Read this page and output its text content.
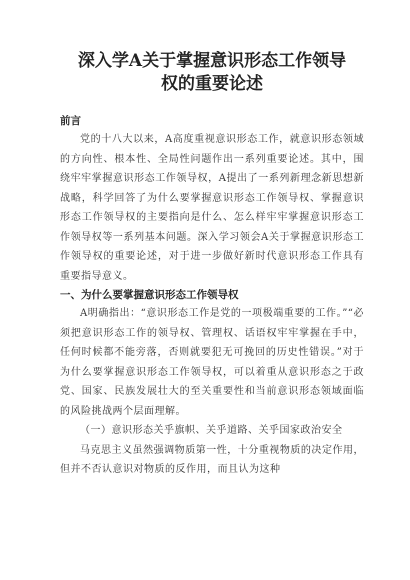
深入学A关于掌握意识形态工作领导
权的重要论述

前言

党的十八大以来，A高度重视意识形态工作，就意识形态领域的方向性、根本性、全局性问题作出一系列重要论述。其中，围绕牢牢掌握意识形态工作领导权，A提出了一系列新理念新思想新战略，科学回答了为什么要掌握意识形态工作领导权、掌握意识形态工作领导权的主要指向是什么、怎么样牢牢掌握意识形态工作领导权等一系列基本问题。深入学习领会A关于掌握意识形态工作领导权的重要论述，对于进一步做好新时代意识形态工作具有重要指导意义。

一、为什么要掌握意识形态工作领导权

A明确指出：“意识形态工作是党的一项极端重要的工作。”“必须把意识形态工作的领导权、管理权、话语权牢牢掌握在手中，任何时候都不能旁落，否则就要犯无可挽回的历史性错误。”对于为什么要掌握意识形态工作领导权，可以着重从意识形态之于政党、国家、民族发展壮大的至关重要性和当前意识形态领域面临的风险挑战两个层面理解。

（一）意识形态关乎旗帜、关乎道路、关乎国家政治安全

马克思主义虽然强调物质第一性，十分重视物质的决定作用，但并不否认意识对物质的反作用，而且认为这种
